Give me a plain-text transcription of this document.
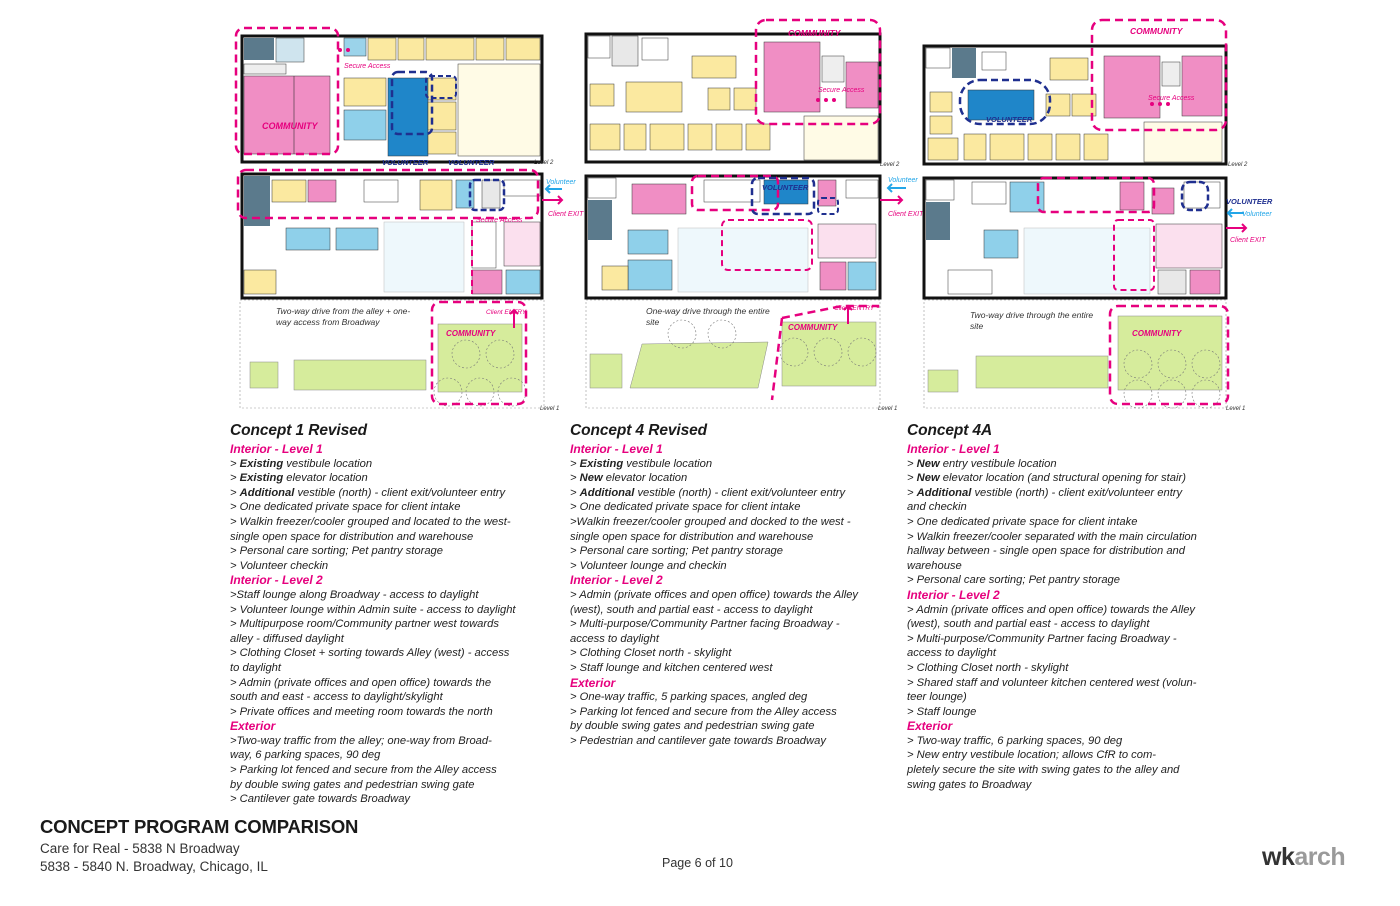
COMMUNITY
Secure Access
Level 2
VOLUNTEER	VOLUNTEER
Secure Access
Volunteer
Client EXIT
COMMUNITY
Client ENTRY
Two-way drive from the alley + one-way access from Broadway
Level 1
COMMUNITY
Secure Access
Level 2
VOLUNTEER
Volunteer
Client EXIT
COMMUNITY
Client ENTRY
One-way drive through the entire site
Level 1
COMMUNITY
Secure Access
VOLUNTEER
Level 2
VOLUNTEER
Volunteer
Client EXIT
COMMUNITY
Two-way drive through the entire site
Level 1
Concept 1 Revised
Interior - Level 1
> Existing vestibule location
> Existing elevator location
> Additional vestible (north) - client exit/volunteer entry
> One dedicated private space for client intake
> Walkin freezer/cooler grouped and located to the west-
single open space for distribution and warehouse
> Personal care sorting; Pet pantry storage
> Volunteer checkin
Interior - Level 2
>Staff lounge along Broadway - access to daylight
> Volunteer lounge within Admin suite - access to daylight
> Multipurpose room/Community partner west towards
alley - diffused daylight
> Clothing Closet + sorting towards Alley (west) - access
to daylight
> Admin (private offices and open office) towards the
south and east - access to daylight/skylight
> Private offices and meeting room towards the north
Exterior
>Two-way traffic from the alley; one-way from Broad-
way, 6 parking spaces, 90 deg
> Parking lot fenced and secure from the Alley access
by double swing gates and pedestrian swing gate
> Cantilever gate towards Broadway
Concept 4 Revised
Interior - Level 1
> Existing vestibule location
> New elevator location
> Additional vestible (north) - client exit/volunteer entry
> One dedicated private space for client intake
>Walkin freezer/cooler grouped and docked to the west -
single open space for distribution and warehouse
> Personal care sorting; Pet pantry storage
> Volunteer lounge and checkin
Interior - Level 2
> Admin (private offices and open office) towards the Alley
(west), south and partial east - access to daylight
> Multi-purpose/Community Partner facing Broadway -
access to daylight
> Clothing Closet north - skylight
> Staff lounge and kitchen centered west
Exterior
> One-way traffic, 5 parking spaces, angled deg
> Parking lot fenced and secure from the Alley access
by double swing gates and pedestrian swing gate
> Pedestrian and cantilever gate towards Broadway
Concept 4A
Interior - Level 1
> New entry vestibule location
> New elevator location (and structural opening for stair)
> Additional vestible (north) - client exit/volunteer entry
and checkin
> One dedicated private space for client intake
> Walkin freezer/cooler separated with the main circulation
hallway between - single open space for distribution and
warehouse
> Personal care sorting; Pet pantry storage
Interior - Level 2
> Admin (private offices and open office) towards the Alley
(west), south and partial east - access to daylight
> Multi-purpose/Community Partner facing Broadway -
access to daylight
> Clothing Closet north - skylight
> Shared staff and volunteer kitchen centered west (volun-
teer lounge)
> Staff lounge
Exterior
> Two-way traffic, 6 parking spaces, 90 deg
> New entry vestibule location; allows CfR to com-
pletely secure the site with swing gates to the alley and
swing gates to Broadway
CONCEPT PROGRAM COMPARISON
Care for Real - 5838 N Broadway
5838 - 5840 N. Broadway, Chicago, IL	Page 6 of 10	wkarch
